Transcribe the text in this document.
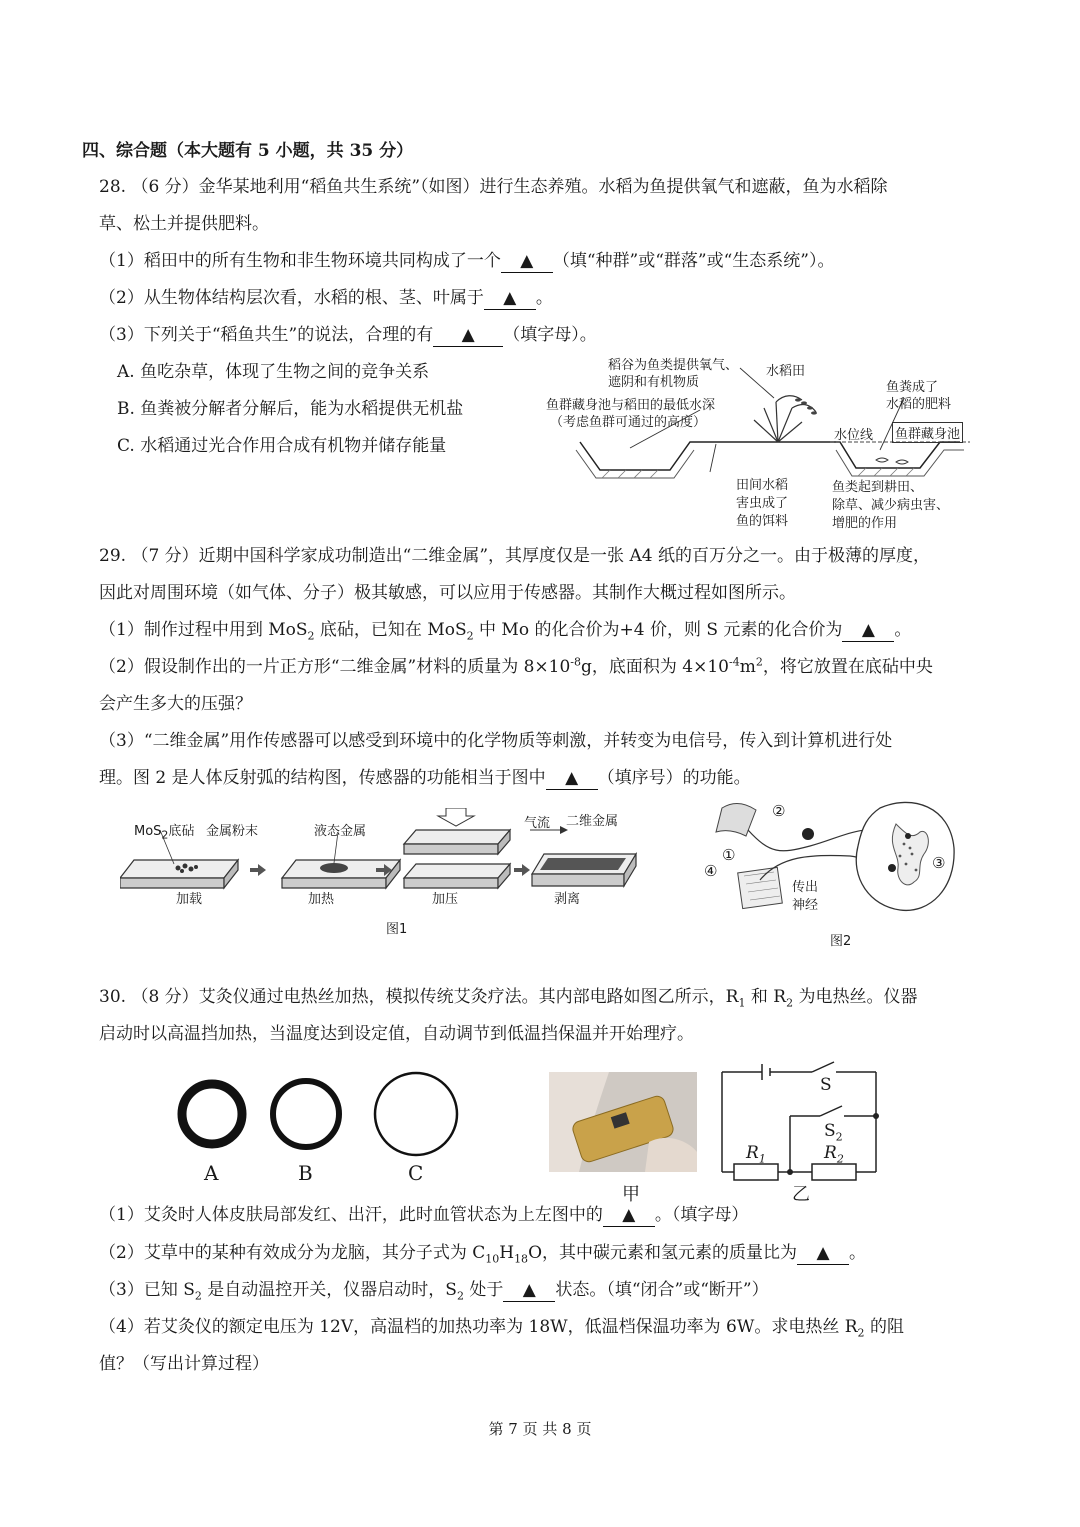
四、综合题（本大题有 5 小题，共 35 分）
28. （6 分）金华某地利用“稻鱼共生系统”（如图）进行生态养殖。水稻为鱼提供氧气和遮蔽，鱼为水稻除
草、松土并提供肥料。
（1）稻田中的所有生物和非生物环境共同构成了一个 ▲ （填“种群”或“群落”或“生态系统”）。
（2）从生物体结构层次看，水稻的根、茎、叶属于 ▲ 。
（3）下列关于“稻鱼共生”的说法，合理的有 ▲ （填字母）。
A. 鱼吃杂草，体现了生物之间的竞争关系
B. 鱼粪被分解者分解后，能为水稻提供无机盐
C. 水稻通过光合作用合成有机物并储存能量
稻谷为鱼类提供氧气、
遮阴和有机物质
水稻田
鱼粪成了
水稻的肥料
鱼群藏身池与稻田的最低水深
（考虑鱼群可通过的高度）
水位线 鱼群藏身池
田间水稻
害虫成了
鱼的饵料
鱼类起到耕田、
除草、减少病虫害、
增肥的作用
29. （7 分）近期中国科学家成功制造出“二维金属”，其厚度仅是一张 A4 纸的百万分之一。由于极薄的厚度，
因此对周围环境（如气体、分子）极其敏感，可以应用于传感器。其制作大概过程如图所示。
（1）制作过程中用到 MoS$_2$ 底砧，已知在 MoS$_2$ 中 Mo 的化合价为+4 价，则 S 元素的化合价为 ▲ 。
（2）假设制作出的一片正方形“二维金属”材料的质量为 $8\times 10^{-8}g$，底面积为 $4\times 10^{-4}m^2$，将它放置在底砧中央
会产生多大的压强？
（3）“二维金属”用作传感器可以感受到环境中的化学物质等刺激，并转变为电信号，传入到计算机进行处
理。图 2 是人体反射弧的结构图，传感器的功能相当于图中 ▲ （填序号）的功能。
MoS$_2$底砧 金属粉末	液态金属
气流 二维金属
加载	加热	加压	剥离
图1
②
①	③
④
传出
神经
图2
30. （8 分）艾灸仪通过电热丝加热，模拟传统艾灸疗法。其内部电路如图乙所示，$R_1$ 和 $R_2$ 为电热丝。仪器
启动时以高温挡加热，当温度达到设定值，自动调节到低温挡保温并开始理疗。
A	B	C
甲
S
$S_2$
$R_1$	$R_2$
乙
（1）艾灸时人体皮肤局部发红、出汗，此时血管状态为上左图中的 ▲ 。（填字母）
（2）艾草中的某种有效成分为龙脑，其分子式为 $C_{10}H_{18}O$，其中碳元素和氢元素的质量比为 ▲ 。
（3）已知 $S_2$ 是自动温控开关，仪器启动时，$S_2$ 处于 ▲ 状态。（填“闭合”或“断开”）
（4）若艾灸仪的额定电压为 12V，高温档的加热功率为 18W，低温档保温功率为 6W。求电热丝 $R_2$ 的阻
值？（写出计算过程）
第 7 页 共 8 页
